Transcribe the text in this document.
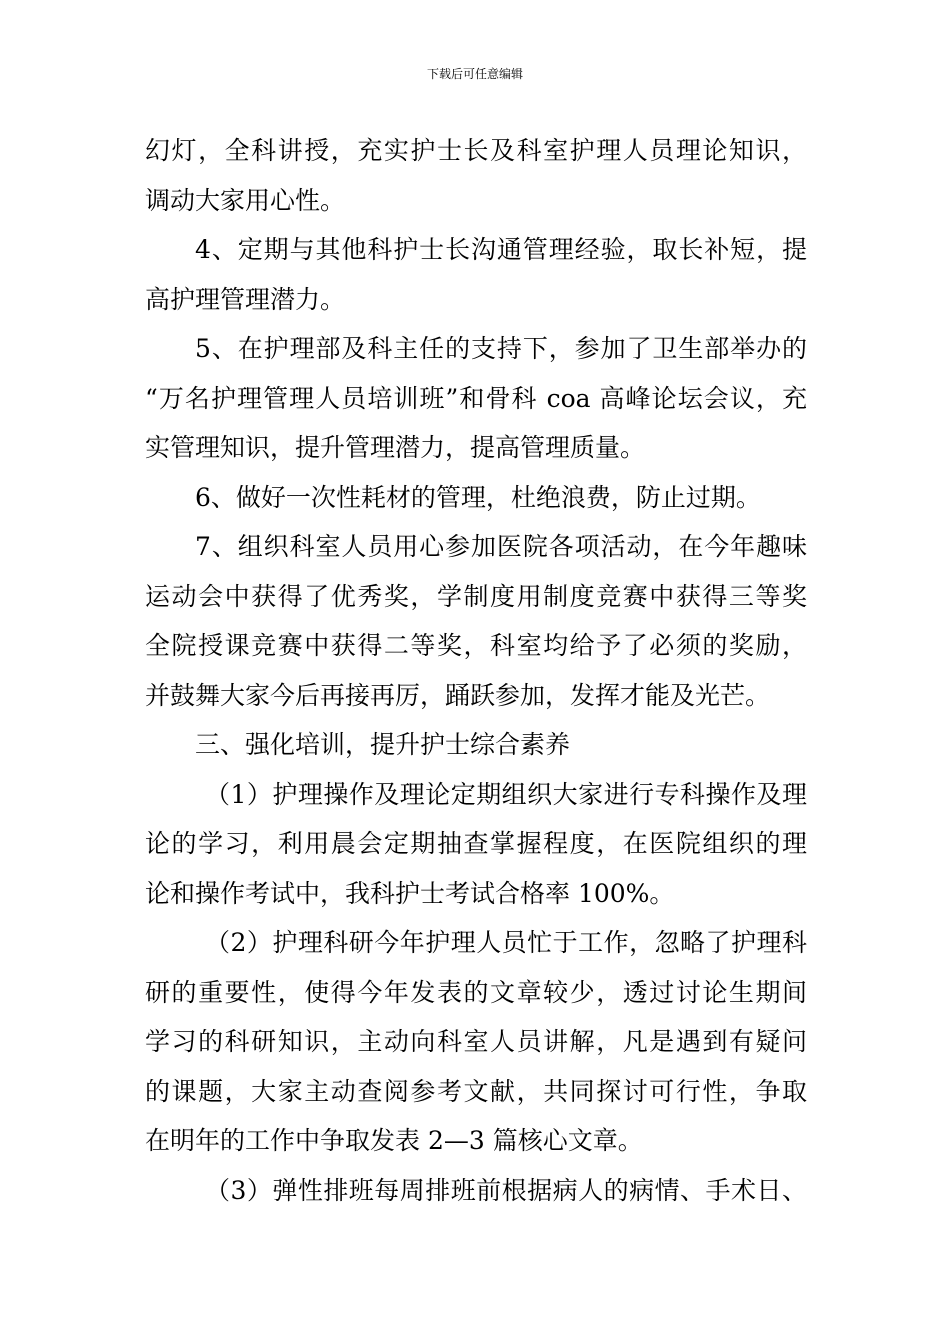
下载后可任意编辑
幻灯，全科讲授，充实护士长及科室护理人员理论知识，
调动大家用心性。
4、定期与其他科护士长沟通管理经验，取长补短，提
高护理管理潜力。
5、在护理部及科主任的支持下，参加了卫生部举办的
“万名护理管理人员培训班”和骨科 coa 高峰论坛会议，充
实管理知识，提升管理潜力，提高管理质量。
6、做好一次性耗材的管理，杜绝浪费，防止过期。
7、组织科室人员用心参加医院各项活动，在今年趣味
运动会中获得了优秀奖，学制度用制度竞赛中获得三等奖
全院授课竞赛中获得二等奖，科室均给予了必须的奖励，
并鼓舞大家今后再接再厉，踊跃参加，发挥才能及光芒。
三、强化培训，提升护士综合素养
（1）护理操作及理论定期组织大家进行专科操作及理
论的学习，利用晨会定期抽查掌握程度，在医院组织的理
论和操作考试中，我科护士考试合格率 100%。
（2）护理科研今年护理人员忙于工作，忽略了护理科
研的重要性，使得今年发表的文章较少，透过讨论生期间
学习的科研知识，主动向科室人员讲解，凡是遇到有疑问
的课题，大家主动查阅参考文献，共同探讨可行性，争取
在明年的工作中争取发表 2—3 篇核心文章。
（3）弹性排班每周排班前根据病人的病情、手术日、
